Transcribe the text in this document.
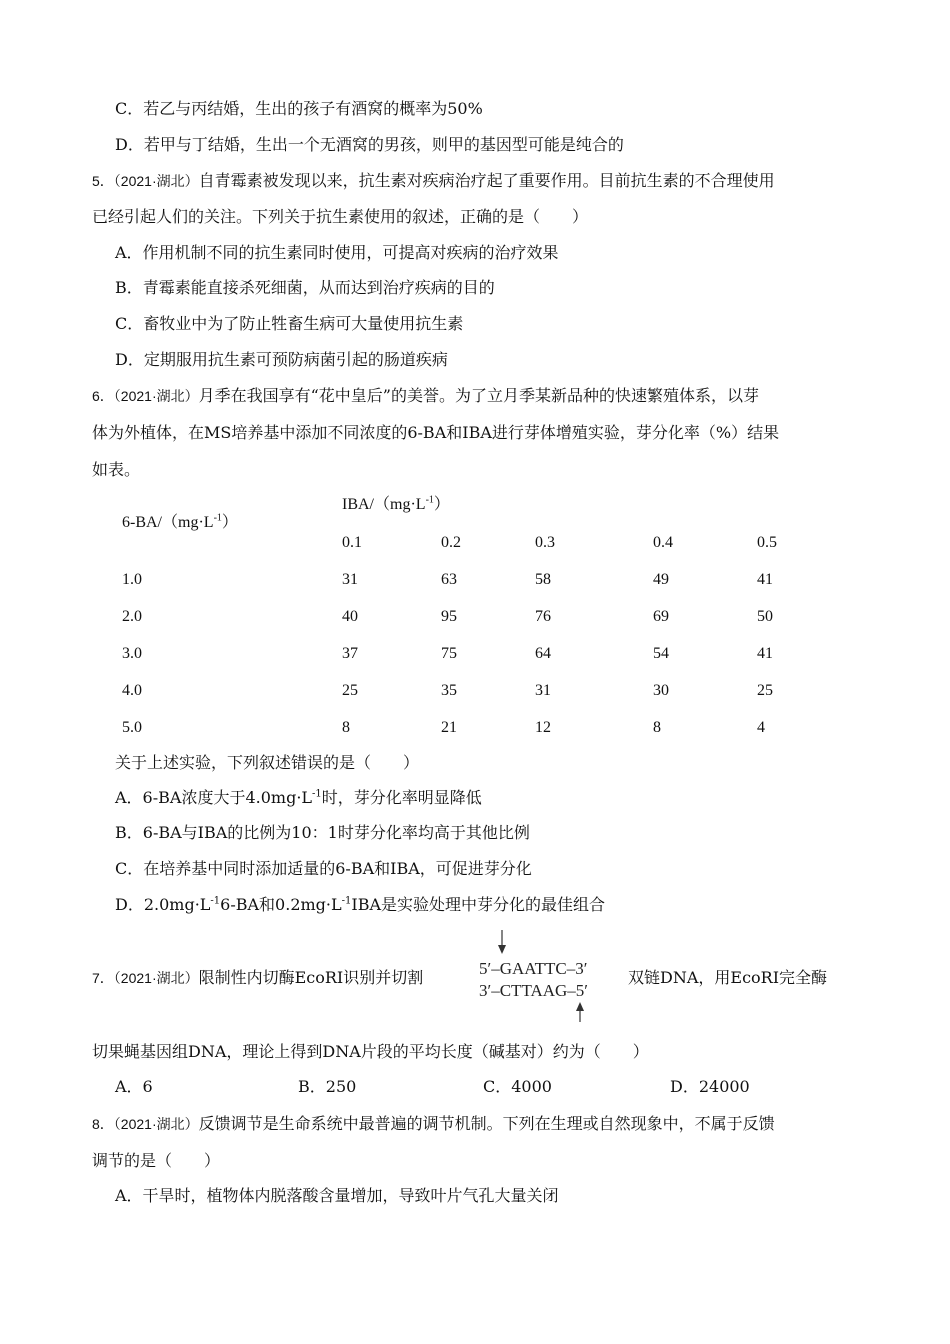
C．若乙与丙结婚，生出的孩子有酒窝的概率为50%
D．若甲与丁结婚，生出一个无酒窝的男孩，则甲的基因型可能是纯合的
5．（2021·湖北）自青霉素被发现以来，抗生素对疾病治疗起了重要作用。目前抗生素的不合理使用
已经引起人们的关注。下列关于抗生素使用的叙述，正确的是（　　）
A．作用机制不同的抗生素同时使用，可提高对疾病的治疗效果
B．青霉素能直接杀死细菌，从而达到治疗疾病的目的
C．畜牧业中为了防止牲畜生病可大量使用抗生素
D．定期服用抗生素可预防病菌引起的肠道疾病
6．（2021·湖北）月季在我国享有“花中皇后”的美誉。为了立月季某新品种的快速繁殖体系，以芽
体为外植体，在MS培养基中添加不同浓度的6-BA和IBA进行芽体增殖实验，芽分化率（%）结果
如表。
$6-BA/(mg\cdot L^{-1})$
IBA/$(mg\cdot L^{-1})$
0.1	0.2	0.3	0.4	0.5
1.0	31	63	58	49	41
2.0	40	95	76	69	50
3.0	37	75	64	54	41
4.0	25	35	31	30	25
5.0	8	21	12	8	4
关于上述实验，下列叙述错误的是（　　）
A．6-BA浓度大于$4.0mg\cdot L^{-1}$时，芽分化率明显降低
B．6-BA与IBA的比例为10：1时芽分化率均高于其他比例
C．在培养基中同时添加适量的6-BA和IBA，可促进芽分化
D．$2.0mg\cdot L^{-1}6-BA$和$0.2mg\cdot L^{-1}IBA$是实验处理中芽分化的最佳组合
7．（2021·湖北）限制性内切酶EcoRI识别并切割	5′–GAATTC–3′
3′–CTTAAG–5′
双链DNA，用EcoRI完全酶
切果蝇基因组DNA，理论上得到DNA片段的平均长度（碱基对）约为（　　）
A．6	B．250	C．4000	D．24000
8．（2021·湖北）反馈调节是生命系统中最普遍的调节机制。下列在生理或自然现象中，不属于反馈
调节的是（　　）
A．干旱时，植物体内脱落酸含量增加，导致叶片气孔大量关闭
